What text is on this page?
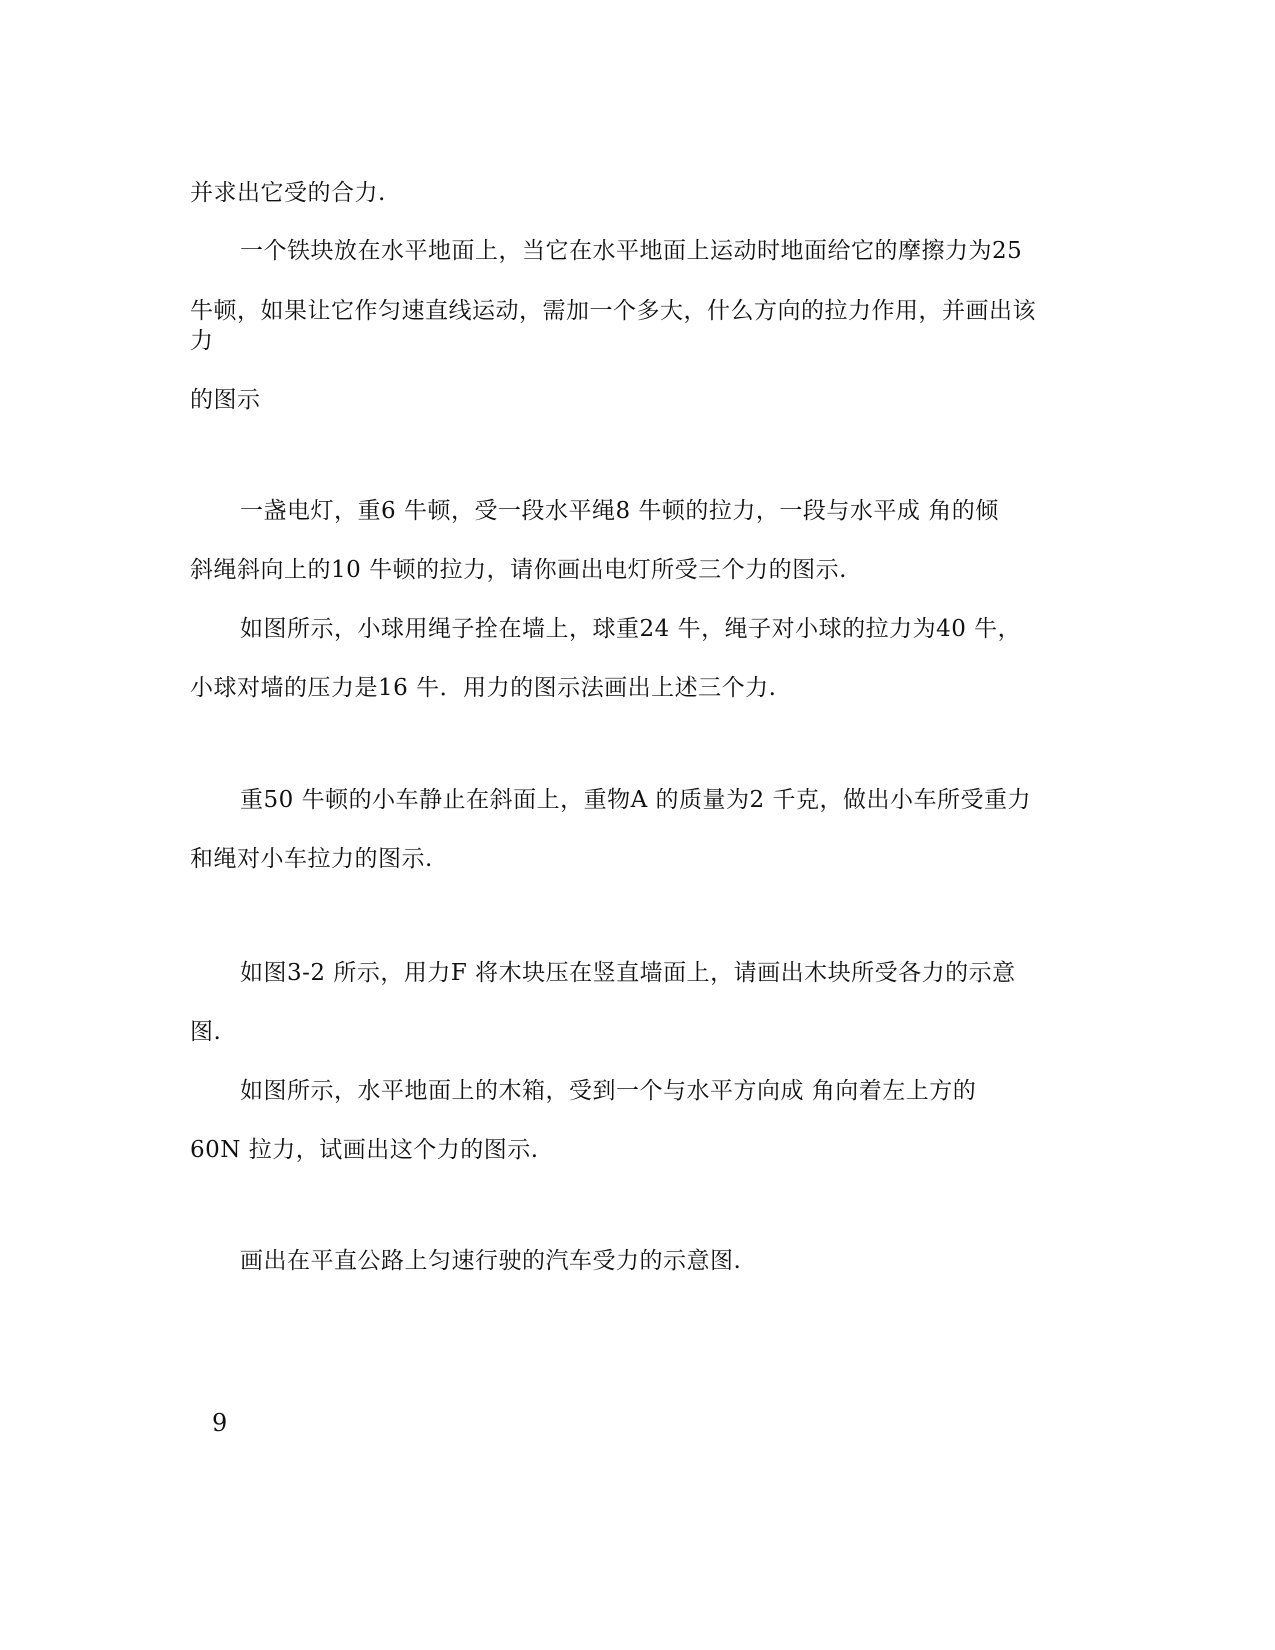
并求出它受的合力.
一个铁块放在水平地面上，当它在水平地面上运动时地面给它的摩擦力为25
牛顿，如果让它作匀速直线运动，需加一个多大，什么方向的拉力作用，并画出该
力
的图示
一盏电灯，重6 牛顿，受一段水平绳8 牛顿的拉力，一段与水平成 角的倾
斜绳斜向上的10 牛顿的拉力，请你画出电灯所受三个力的图示.
如图所示，小球用绳子拴在墙上，球重24 牛，绳子对小球的拉力为40 牛，
小球对墙的压力是16 牛．用力的图示法画出上述三个力.
重50 牛顿的小车静止在斜面上，重物A 的质量为2 千克，做出小车所受重力
和绳对小车拉力的图示.
如图3-2 所示，用力F 将木块压在竖直墙面上，请画出木块所受各力的示意
图.
如图所示，水平地面上的木箱，受到一个与水平方向成 角向着左上方的
60N 拉力，试画出这个力的图示.
画出在平直公路上匀速行驶的汽车受力的示意图.
9
